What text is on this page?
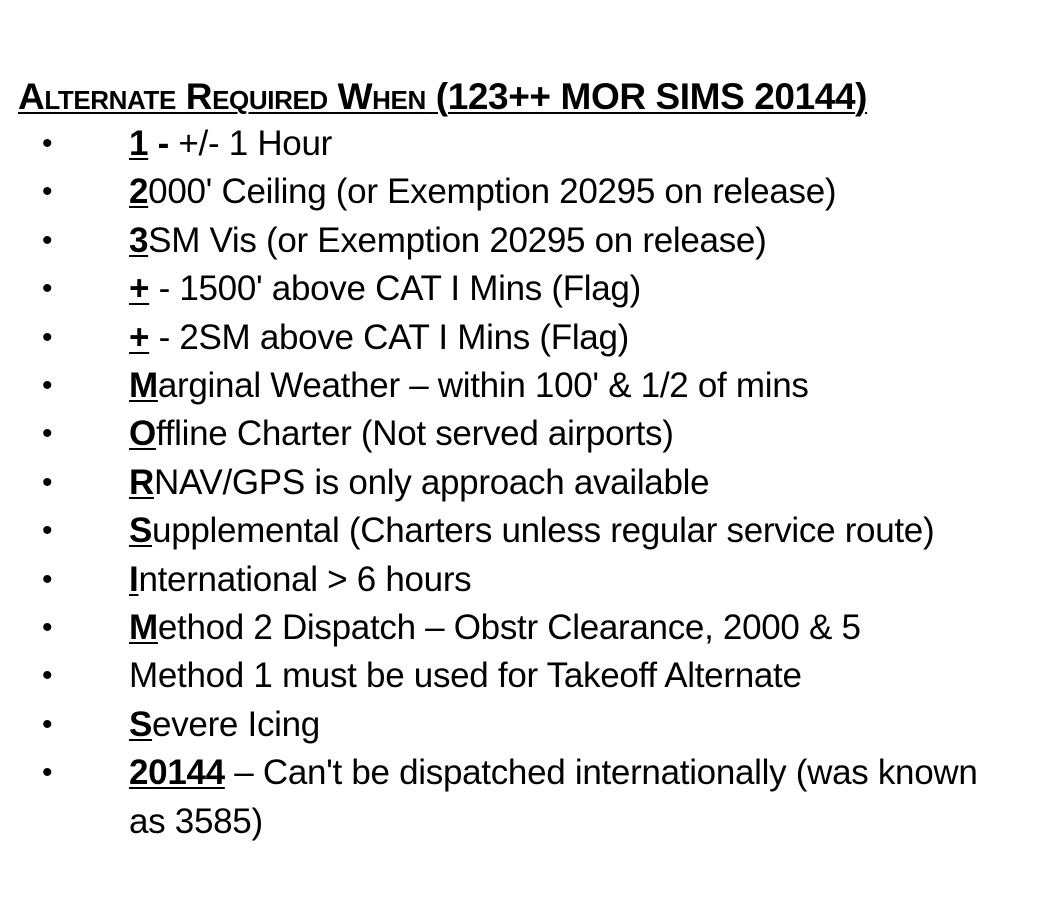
Alternate Required When (123++ MOR SIMS 20144)
• 1 - +/- 1 Hour
• 2000' Ceiling (or Exemption 20295 on release)
• 3SM Vis (or Exemption 20295 on release)
• + - 1500' above CAT I Mins (Flag)
• + - 2SM above CAT I Mins (Flag)
• Marginal Weather – within 100' & 1/2 of mins
• Offline Charter (Not served airports)
• RNAV/GPS is only approach available
• Supplemental (Charters unless regular service route)
• International > 6 hours
• Method 2 Dispatch – Obstr Clearance, 2000 & 5
• Method 1 must be used for Takeoff Alternate
• Severe Icing
• 20144 – Can't be dispatched internationally (was known as 3585)
